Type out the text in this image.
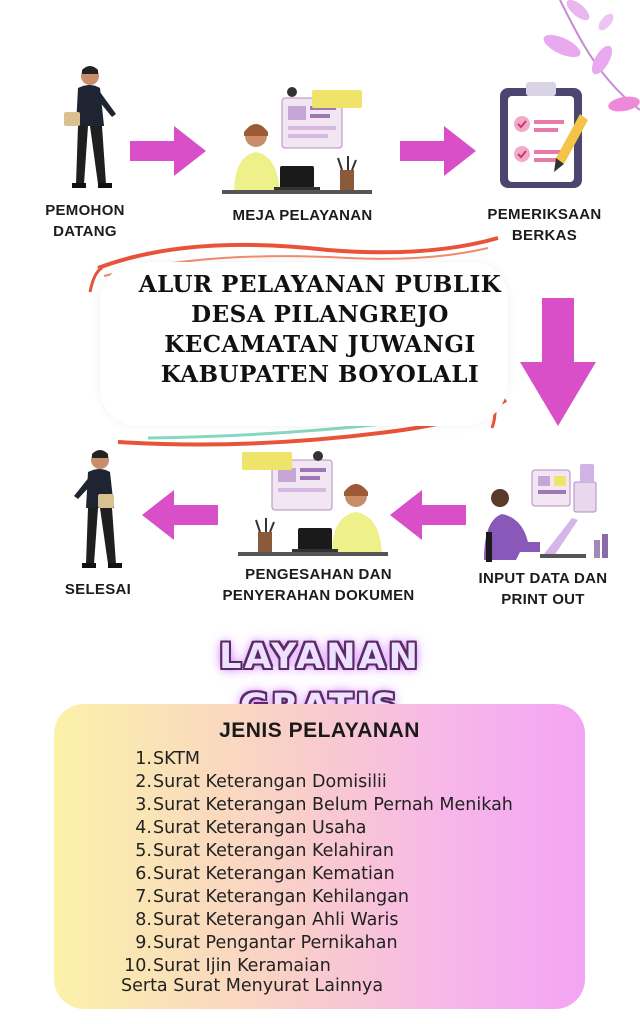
PEMOHON
DATANG
MEJA PELAYANAN	PEMERIKSAAN
BERKAS
ALUR PELAYANAN PUBLIK
DESA PILANGREJO
KECAMATAN JUWANGI
KABUPATEN BOYOLALI
INPUT DATA DAN
PRINT OUT
PENGESAHAN DAN
PENYERAHAN DOKUMEN
SELESAI
LAYANAN
JENIS PELAYANAN
1.SKTM
2.Surat Keterangan Domisilii
3.Surat Keterangan Belum Pernah Menikah
4.Surat Keterangan Usaha
5.Surat Keterangan Kelahiran
6.Surat Keterangan Kematian
7.Surat Keterangan Kehilangan
8.Surat Keterangan Ahli Waris
9.Surat Pengantar Pernikahan
10.Surat Ijin Keramaian
Serta Surat Menyurat Lainnya
